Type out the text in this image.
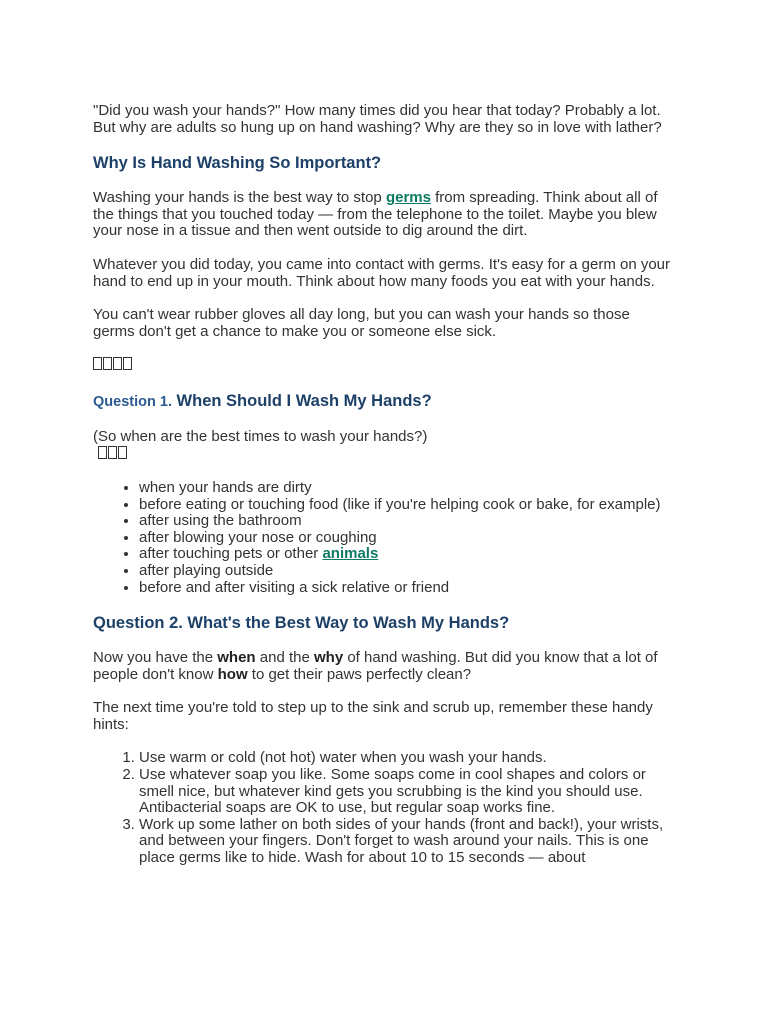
"Did you wash your hands?" How many times did you hear that today? Probably a lot. But why are adults so hung up on hand washing? Why are they so in love with lather?

Why Is Hand Washing So Important?

Washing your hands is the best way to stop germs from spreading. Think about all of the things that you touched today — from the telephone to the toilet. Maybe you blew your nose in a tissue and then went outside to dig around the dirt.

Whatever you did today, you came into contact with germs. It's easy for a germ on your hand to end up in your mouth. Think about how many foods you eat with your hands.

You can't wear rubber gloves all day long, but you can wash your hands so those germs don't get a chance to make you or someone else sick.

Question 1. When Should I Wash My Hands?

(So when are the best times to wash your hands?)

• when your hands are dirty
• before eating or touching food (like if you're helping cook or bake, for example)
• after using the bathroom
• after blowing your nose or coughing
• after touching pets or other animals
• after playing outside
• before and after visiting a sick relative or friend
Question 2. What's the Best Way to Wash My Hands?

Now you have the when and the why of hand washing. But did you know that a lot of people don't know how to get their paws perfectly clean?

The next time you're told to step up to the sink and scrub up, remember these handy hints:

1. Use warm or cold (not hot) water when you wash your hands.
2. Use whatever soap you like. Some soaps come in cool shapes and colors or smell nice, but whatever kind gets you scrubbing is the kind you should use. Antibacterial soaps are OK to use, but regular soap works fine.
3. Work up some lather on both sides of your hands (front and back!), your wrists, and between your fingers. Don't forget to wash around your nails. This is one place germs like to hide. Wash for about 10 to 15 seconds — about
